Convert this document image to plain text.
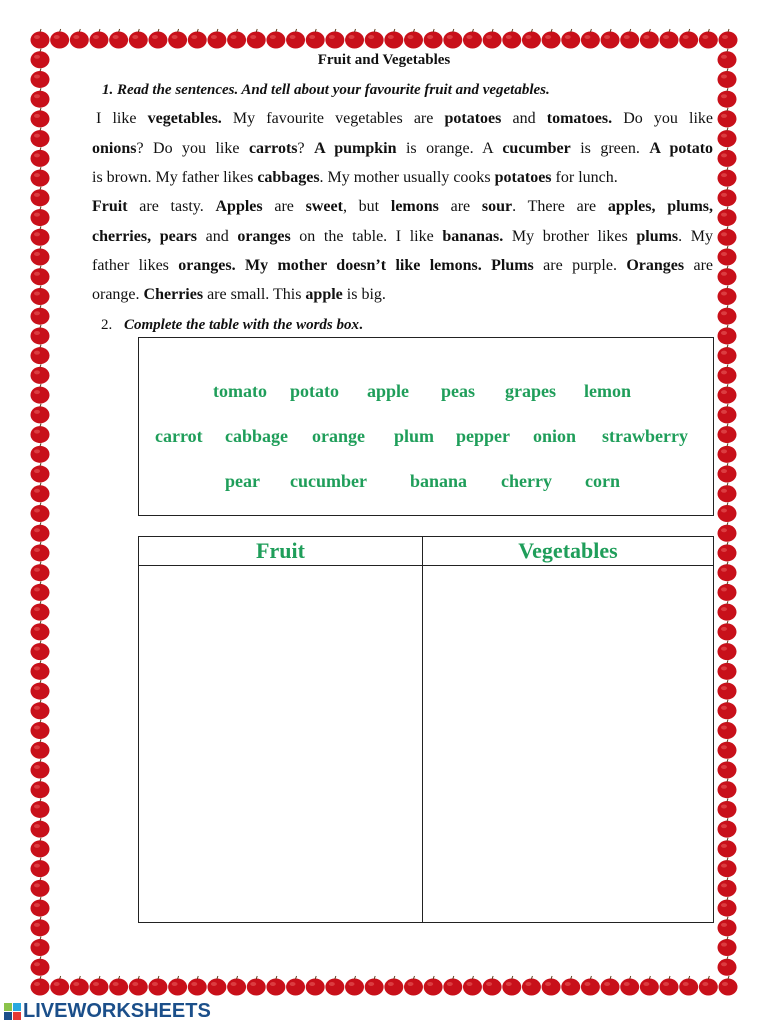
Fruit and Vegetables
1. Read the sentences. And tell about your favourite fruit and vegetables.
I like vegetables. My favourite vegetables are potatoes and tomatoes. Do you like
onions? Do you like carrots? A pumpkin is orange. A cucumber is green. A potato
is brown. My father likes cabbages. My mother usually cooks potatoes for lunch.
Fruit are tasty. Apples are sweet, but lemons are sour. There are apples, plums,
cherries, pears and oranges on the table. I like bananas. My brother likes plums. My
father likes oranges. My mother doesn’t like lemons. Plums are purple. Oranges are
orange. Cherries are small. This apple is big.
2. Complete the table with the words box.
tomato potato apple peas grapes lemon
carrot cabbage orange plum pepper onion strawberry
pear cucumber banana cherry corn
Fruit	Vegetables
LIVEWORKSHEETS
